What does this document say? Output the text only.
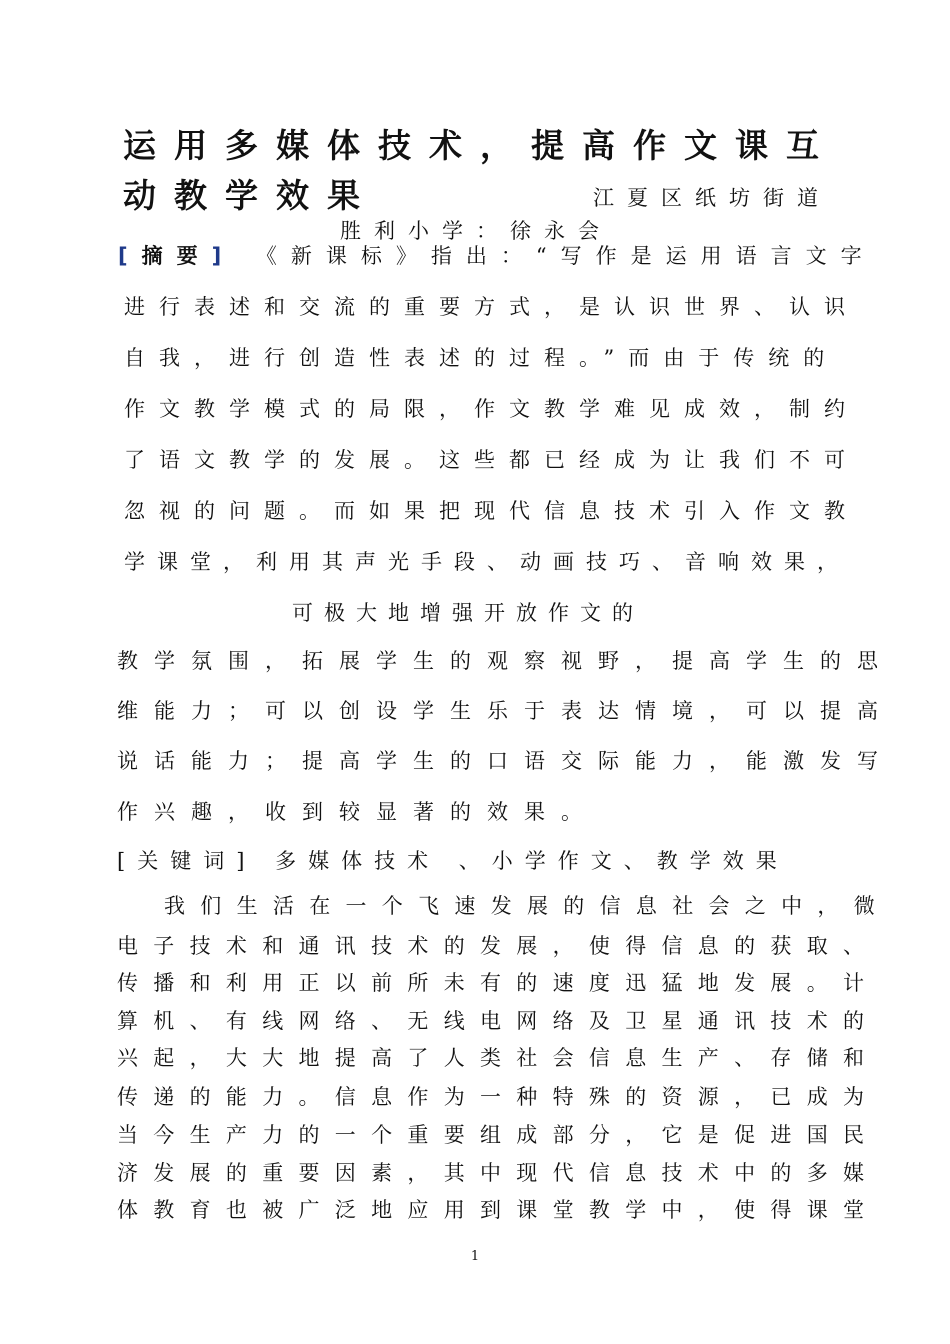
运用多媒体技术，提高作文课互
动教学效果	江夏区纸坊街道
胜利小学：徐永会
[摘要] 《新课标》指出：“写作是运用语言文字
进行表述和交流的重要方式，是认识世界、认识
自我，进行创造性表述的过程。”而由于传统的
作文教学模式的局限，作文教学难见成效，制约
了语文教学的发展。这些都已经成为让我们不可
忽视的问题。而如果把现代信息技术引入作文教
学课堂，利用其声光手段、动画技巧、音响效果，
可极大地增强开放作文的
教学氛围，拓展学生的观察视野，提高学生的思
维能力；可以创设学生乐于表达情境，可以提高
说话能力；提高学生的口语交际能力，能激发写
作兴趣，收到较显著的效果。
[关键词] 多媒体技术 、小学作文、教学效果
我们生活在一个飞速发展的信息社会之中，微
电子技术和通讯技术的发展，使得信息的获取、
传播和利用正以前所未有的速度迅猛地发展。计
算机、有线网络、无线电网络及卫星通讯技术的
兴起，大大地提高了人类社会信息生产、存储和
传递的能力。信息作为一种特殊的资源，已成为
当今生产力的一个重要组成部分，它是促进国民
济发展的重要因素，其中现代信息技术中的多媒
体教育也被广泛地应用到课堂教学中，使得课堂
1
